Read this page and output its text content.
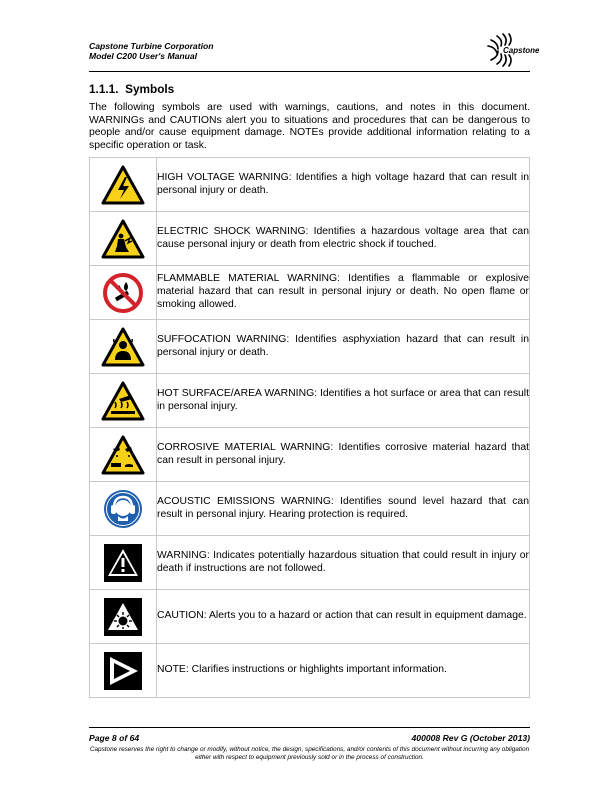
Capstone Turbine Corporation
Model C200 User's Manual
Capstone
1.1.1. Symbols
The following symbols are used with warnings, cautions, and notes in this document. WARNINGs and CAUTIONs alert you to situations and procedures that can be dangerous to people and/or cause equipment damage. NOTEs provide additional information relating to a specific operation or task.
	HIGH VOLTAGE WARNING: Identifies a high voltage hazard that can result in personal injury or death.

	ELECTRIC SHOCK WARNING: Identifies a hazardous voltage area that can cause personal injury or death from electric shock if touched.

	FLAMMABLE MATERIAL WARNING: Identifies a flammable or explosive material hazard that can result in personal injury or death. No open flame or smoking allowed.

	SUFFOCATION WARNING: Identifies asphyxiation hazard that can result in personal injury or death.

	HOT SURFACE/AREA WARNING: Identifies a hot surface or area that can result in personal injury.

	CORROSIVE MATERIAL WARNING: Identifies corrosive material hazard that can result in personal injury.

	ACOUSTIC EMISSIONS WARNING: Identifies sound level hazard that can result in personal injury. Hearing protection is required.

	WARNING: Indicates potentially hazardous situation that could result in injury or death if instructions are not followed.

	CAUTION: Alerts you to a hazard or action that can result in equipment damage.

	NOTE: Clarifies instructions or highlights important information.
Page 8 of 64	400008 Rev G (October 2013)
Capstone reserves the right to change or modify, without notice, the design, specifications, and/or contents of this document without incurring any obligation either with respect to equipment previously sold or in the process of construction.
